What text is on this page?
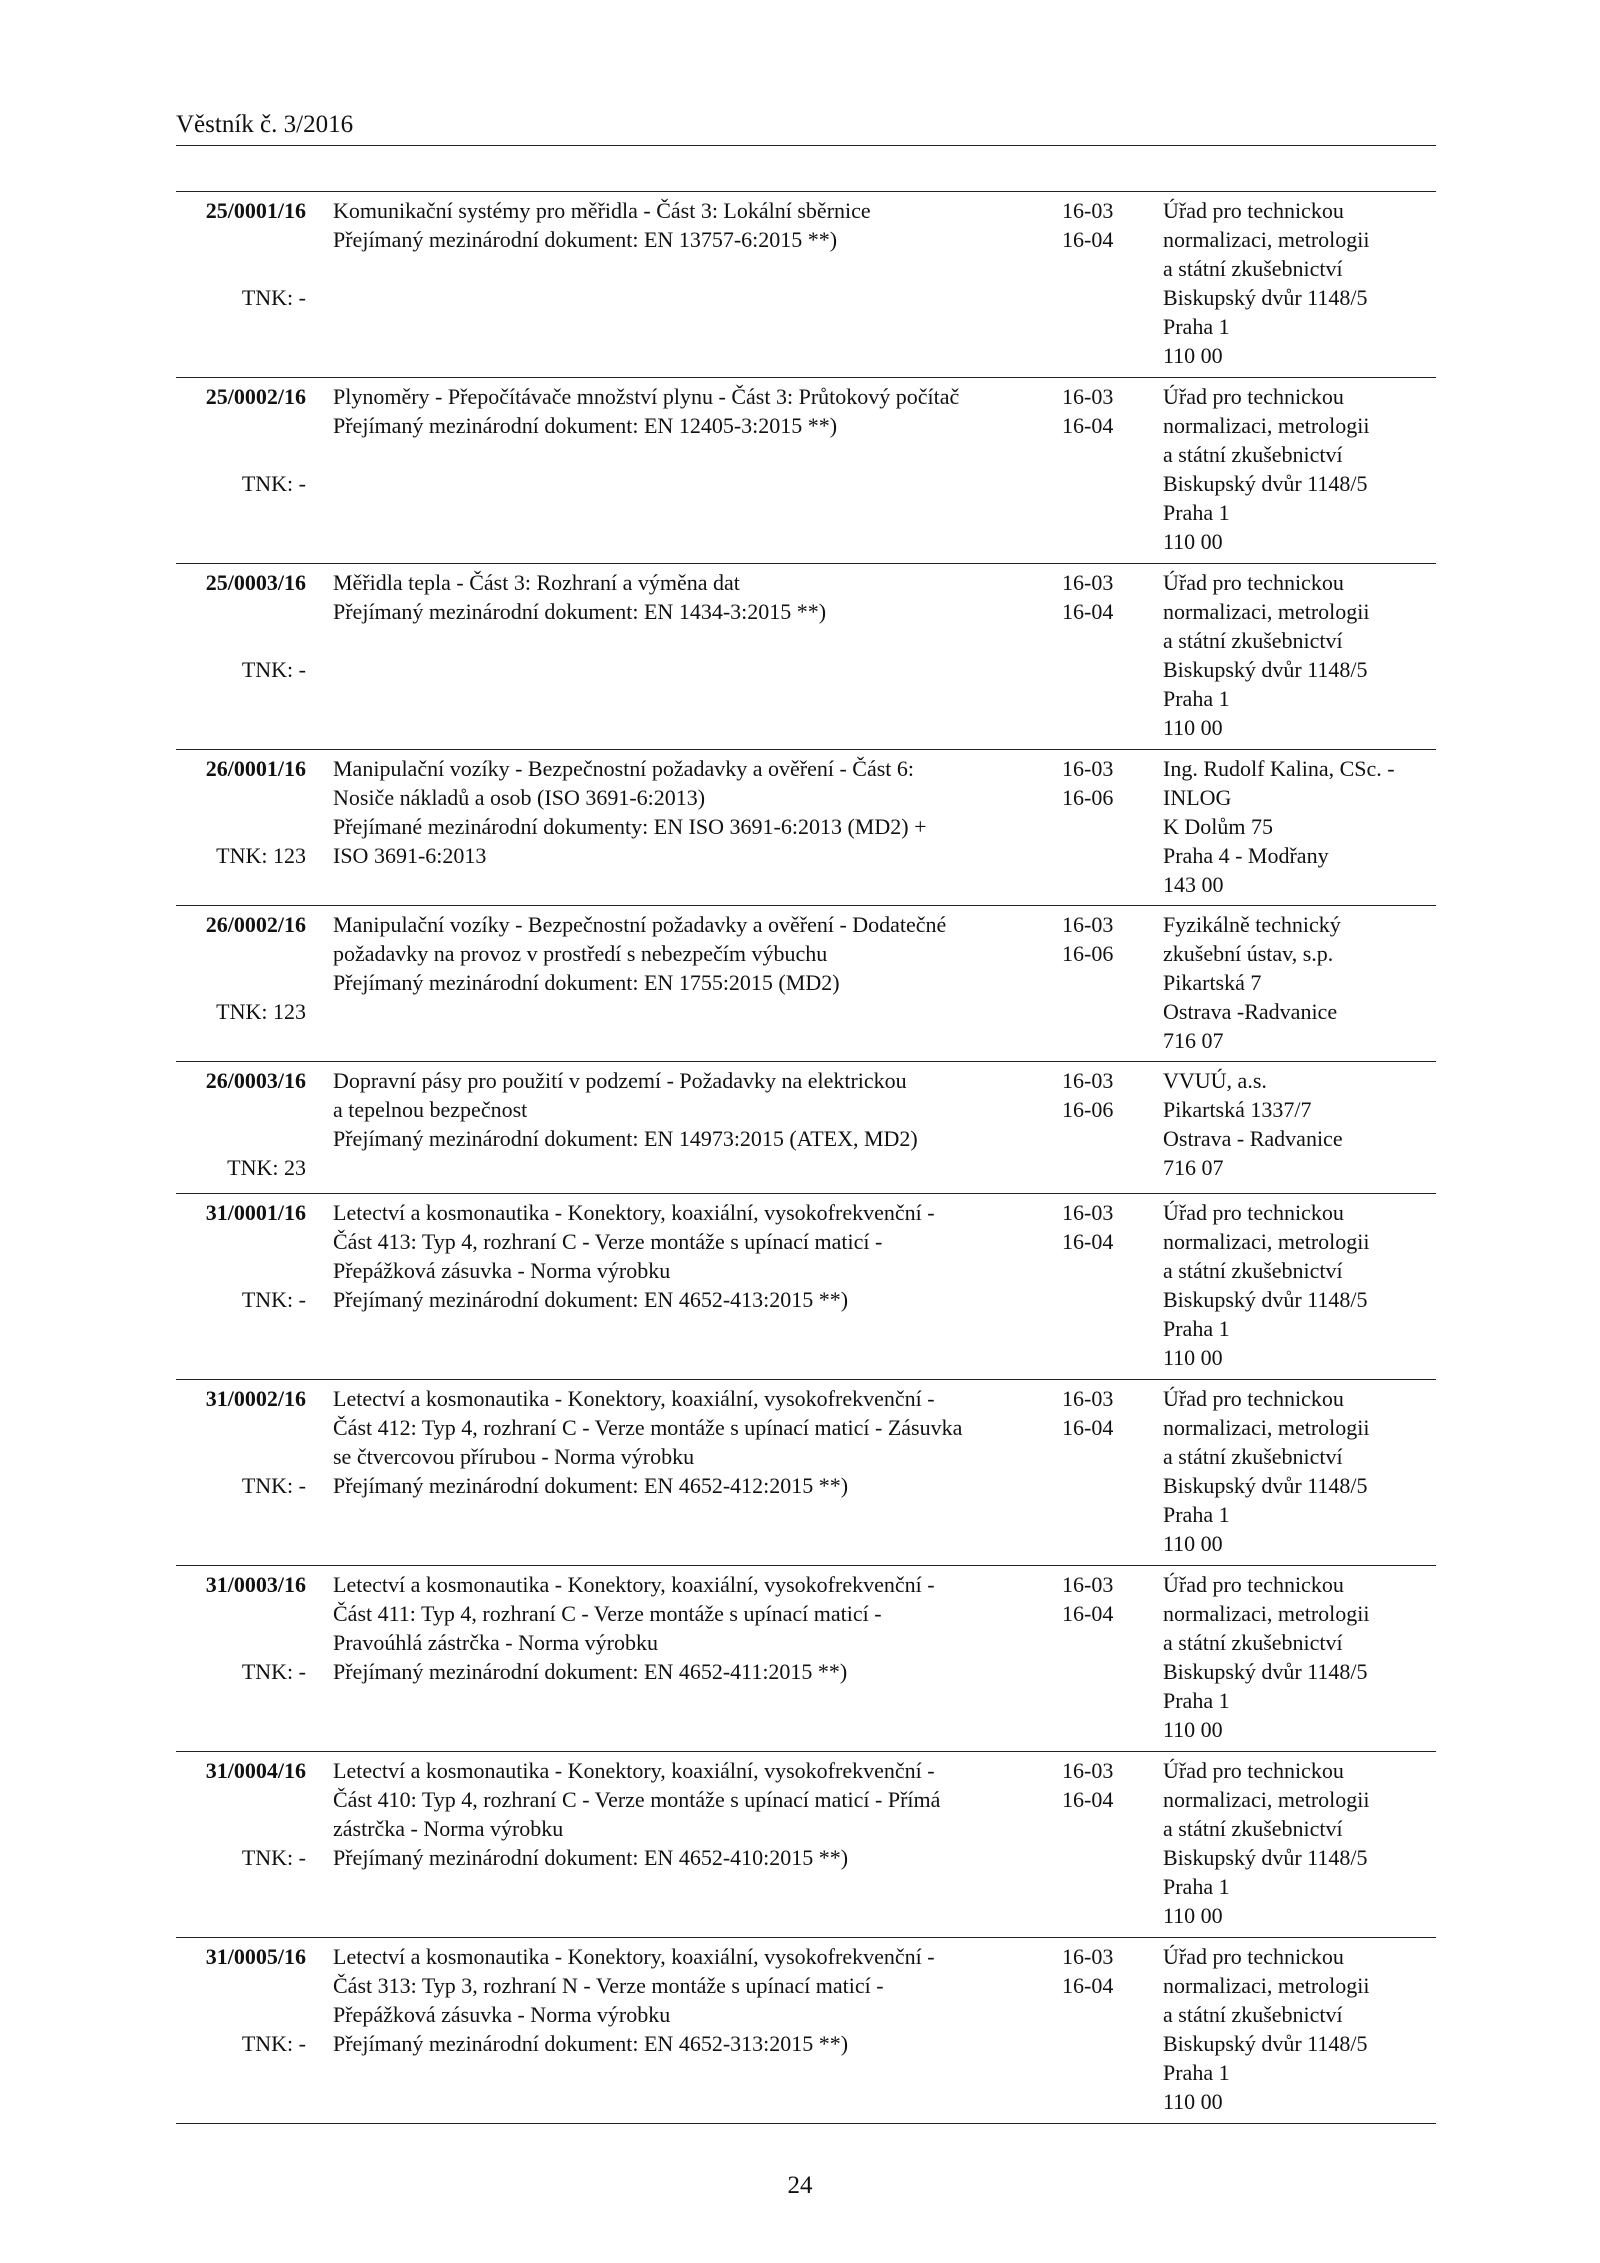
Věstník č. 3/2016
25/0001/16
TNK: -
Komunikační systémy pro měřidla - Část 3: Lokální sběrnice
Přejímaný mezinárodní dokument: EN 13757-6:2015 **)
16-03
16-04
Úřad pro technickou
normalizaci, metrologii
a státní zkušebnictví
Biskupský dvůr 1148/5
Praha 1
110 00
25/0002/16
TNK: -
Plynoměry - Přepočítávače množství plynu - Část 3: Průtokový počítač
Přejímaný mezinárodní dokument: EN 12405-3:2015 **)
16-03
16-04
Úřad pro technickou
normalizaci, metrologii
a státní zkušebnictví
Biskupský dvůr 1148/5
Praha 1
110 00
25/0003/16
TNK: -
Měřidla tepla - Část 3: Rozhraní a výměna dat
Přejímaný mezinárodní dokument: EN 1434-3:2015 **)
16-03
16-04
Úřad pro technickou
normalizaci, metrologii
a státní zkušebnictví
Biskupský dvůr 1148/5
Praha 1
110 00
26/0001/16
TNK: 123
Manipulační vozíky - Bezpečnostní požadavky a ověření - Část 6:
Nosiče nákladů a osob (ISO 3691-6:2013)
Přejímané mezinárodní dokumenty: EN ISO 3691-6:2013 (MD2) +
ISO 3691-6:2013
16-03
16-06
Ing. Rudolf Kalina, CSc. -
INLOG
K Dolům 75
Praha 4 - Modřany
143 00
26/0002/16
TNK: 123
Manipulační vozíky - Bezpečnostní požadavky a ověření - Dodatečné
požadavky na provoz v prostředí s nebezpečím výbuchu
Přejímaný mezinárodní dokument: EN 1755:2015 (MD2)
16-03
16-06
Fyzikálně technický
zkušební ústav, s.p.
Pikartská 7
Ostrava -Radvanice
716 07
26/0003/16
TNK: 23
Dopravní pásy pro použití v podzemí - Požadavky na elektrickou
a tepelnou bezpečnost
Přejímaný mezinárodní dokument: EN 14973:2015 (ATEX, MD2)
16-03
16-06
VVUÚ, a.s.
Pikartská 1337/7
Ostrava - Radvanice
716 07
31/0001/16
TNK: -
Letectví a kosmonautika - Konektory, koaxiální, vysokofrekvenční -
Část 413: Typ 4, rozhraní C - Verze montáže s upínací maticí -
Přepážková zásuvka - Norma výrobku
Přejímaný mezinárodní dokument: EN 4652-413:2015 **)
16-03
16-04
Úřad pro technickou
normalizaci, metrologii
a státní zkušebnictví
Biskupský dvůr 1148/5
Praha 1
110 00
31/0002/16
TNK: -
Letectví a kosmonautika - Konektory, koaxiální, vysokofrekvenční -
Část 412: Typ 4, rozhraní C - Verze montáže s upínací maticí - Zásuvka
se čtvercovou přírubou - Norma výrobku
Přejímaný mezinárodní dokument: EN 4652-412:2015 **)
16-03
16-04
Úřad pro technickou
normalizaci, metrologii
a státní zkušebnictví
Biskupský dvůr 1148/5
Praha 1
110 00
31/0003/16
TNK: -
Letectví a kosmonautika - Konektory, koaxiální, vysokofrekvenční -
Část 411: Typ 4, rozhraní C - Verze montáže s upínací maticí -
Pravoúhlá zástrčka - Norma výrobku
Přejímaný mezinárodní dokument: EN 4652-411:2015 **)
16-03
16-04
Úřad pro technickou
normalizaci, metrologii
a státní zkušebnictví
Biskupský dvůr 1148/5
Praha 1
110 00
31/0004/16
TNK: -
Letectví a kosmonautika - Konektory, koaxiální, vysokofrekvenční -
Část 410: Typ 4, rozhraní C - Verze montáže s upínací maticí - Přímá
zástrčka - Norma výrobku
Přejímaný mezinárodní dokument: EN 4652-410:2015 **)
16-03
16-04
Úřad pro technickou
normalizaci, metrologii
a státní zkušebnictví
Biskupský dvůr 1148/5
Praha 1
110 00
31/0005/16
TNK: -
Letectví a kosmonautika - Konektory, koaxiální, vysokofrekvenční -
Část 313: Typ 3, rozhraní N - Verze montáže s upínací maticí -
Přepážková zásuvka - Norma výrobku
Přejímaný mezinárodní dokument: EN 4652-313:2015 **)
16-03
16-04
Úřad pro technickou
normalizaci, metrologii
a státní zkušebnictví
Biskupský dvůr 1148/5
Praha 1
110 00
24
